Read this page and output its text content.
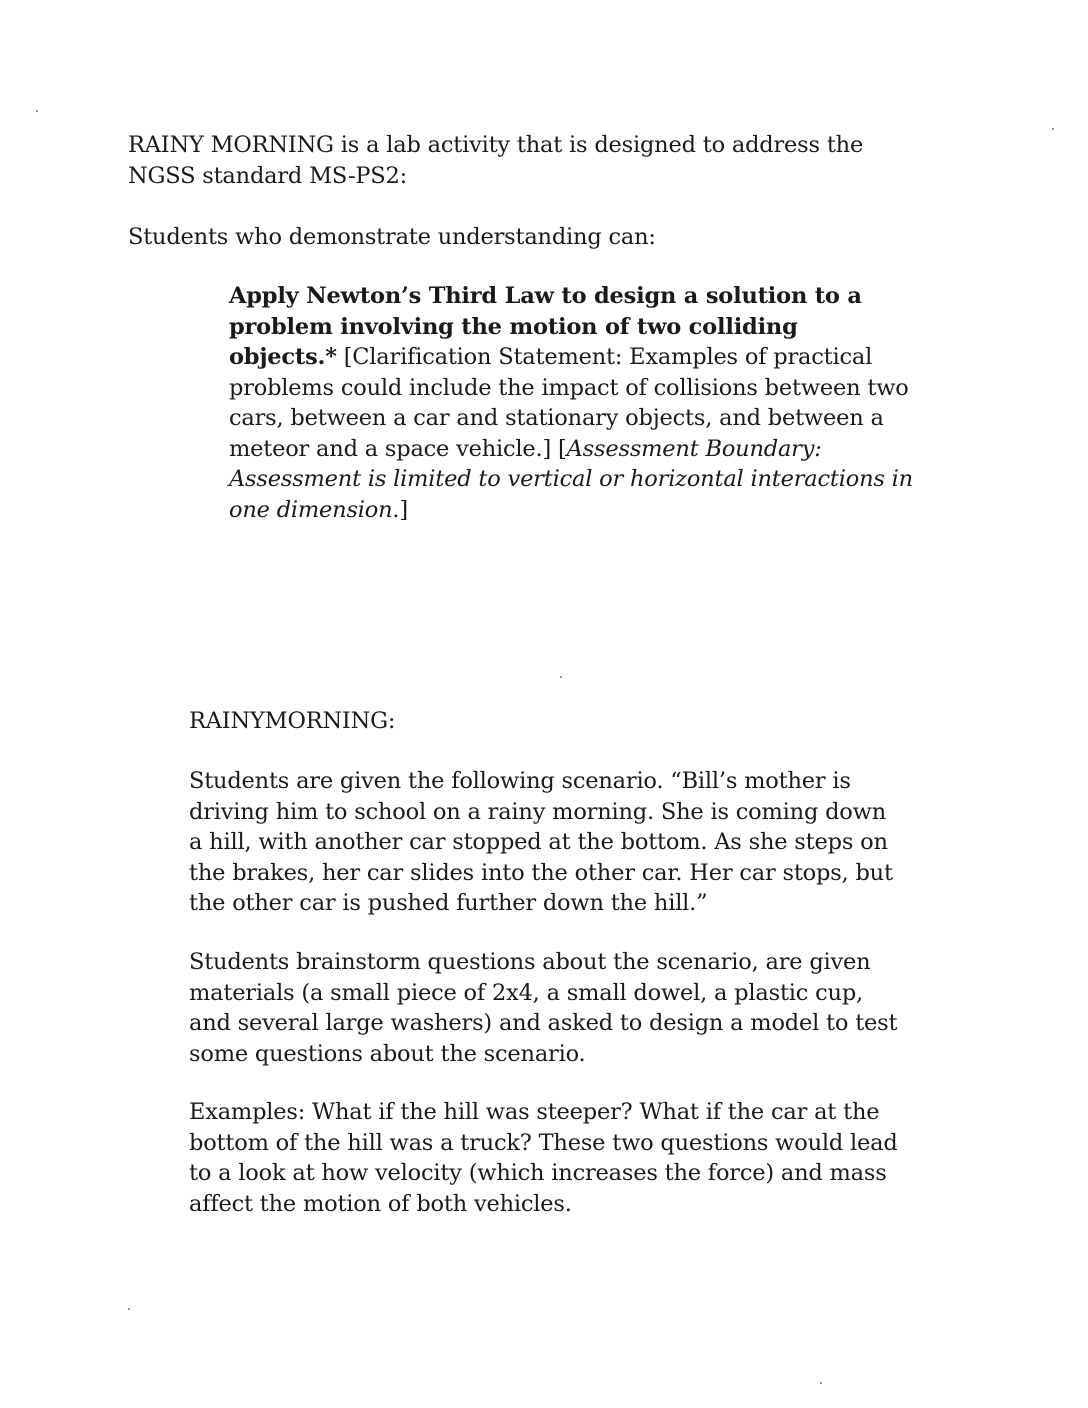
RAINY MORNING is a lab activity that is designed to address the
NGSS standard MS-PS2:

Students who demonstrate understanding can:

Apply Newton’s Third Law to design a solution to a
problem involving the motion of two colliding
objects.* [Clarification Statement: Examples of practical
problems could include the impact of collisions between two
cars, between a car and stationary objects, and between a
meteor and a space vehicle.] [Assessment Boundary:
Assessment is limited to vertical or horizontal interactions in
one dimension.]

RAINYMORNING:

Students are given the following scenario. “Bill’s mother is
driving him to school on a rainy morning. She is coming down
a hill, with another car stopped at the bottom. As she steps on
the brakes, her car slides into the other car. Her car stops, but
the other car is pushed further down the hill.”

Students brainstorm questions about the scenario, are given
materials (a small piece of 2x4, a small dowel, a plastic cup,
and several large washers) and asked to design a model to test
some questions about the scenario.

Examples: What if the hill was steeper? What if the car at the
bottom of the hill was a truck? These two questions would lead
to a look at how velocity (which increases the force) and mass
affect the motion of both vehicles.
